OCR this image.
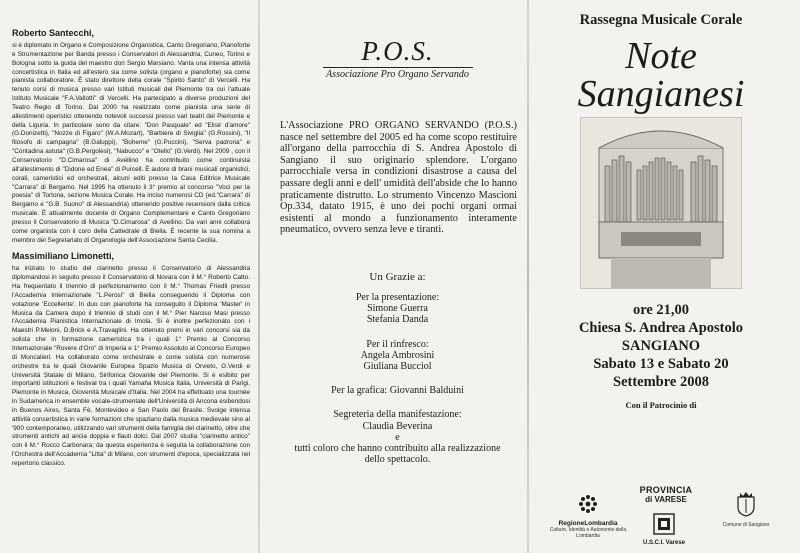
Roberto Santecchi,
si è diplomato in Organo e Composizione Organistica, Canto Gregoriano, Pianoforte e Strumentazione per Banda presso i Conservatori di Alessandria, Cuneo, Torino e Bologna sotto la guida del maestro don Sergio Marsiano. Vanta una intensa attività concertistica in Italia ed all'estero sia come solista (organo e pianoforte) sia come pianista collaboratore. È stato direttore della corale "Spirito Santo" di Vercelli. Ha tenuto corsi di musica presso vari Istituti musicali del Piemonte tra cui l'attuale Istituto Musicale "F.A.Vallotti" di Vercelli. Ha partecipato a diverse produzioni del Teatro Regio di Torino. Dal 2000 ha realizzato come pianista una serie di allestimenti operistici ottenendo notevoli successi presso vari teatri del Piemonte e della Liguria. In particolare sono da citare: "Don Pasquale" ed "Elisir d'amore" (G.Donizetti), "Nozze di Figaro" (W.A.Mozart), "Barbiere di Siviglia" (G.Rossini), "Il filosofo di campagna" (B.Galuppi), "Boheme" (G.Puccini), "Serva padrona" e "Contadina astuta" (G.B.Pergolesi), "Nabucco" e "Otello" (G.Verdi). Nel 2009 , con il Conservatorio "D.Cimarosa" di Avellino ha contribuito come continuista all'allestimento di "Didone ed Enea" di Purcell. È autore di brani musicali organistici, corali, cameristici ed orchestrali, alcuni editi presso la Casa Editrice Musicale "Carrara" di Bergamo. Nel 1995 ha ottenuto il 3° premio al concorso "Voci per la poesia" di Tortona, sezione Musica Corale. Ha inciso numerosi CD (ed."Carrara" di Bergamo e "G.B. Suono" di Alessandria) ottenendo positive recensioni dalla critica musicale. È attualmente docente di Organo Complementare e Canto Gregoriano presso il Conservatorio di Musica "D.Cimarosa" di Avellino. Da vari anni collabora come organista con il coro della Cattedrale di Biella. È recente la sua nomina a membro del Segretariato di Organologia dell'Associazione Santa Cecilia.
Massimiliano Limonetti,
ha iniziato lo studio del clarinetto presso il Conservatorio di Alessandria diplomandosi in seguito presso il Conservatorio di Novara con il M.° Roberto Catto. Ha frequentato il triennio di perfezionamento con il M.° Thomas Friedli presso l'Accademia Internazionale "L.Perosi" di Biella conseguendo il Diploma con votazione 'Eccellente'. In duo con pianoforte ha conseguito il Diploma 'Master' in Musica da Camera dopo il triennio di studi con il M.° Pier Narciso Masi presso l'Accademia Pianistica Internazionale di Imola. Si è inoltre perfezionato con i Maestri P.Meloni, D.Brick e A.Travaglini. Ha ottenuto premi in vari concorsi sia da solista che in formazione cameristica tra i quali 1° Premio al Concorso Internazionale "Rovere d'Oro" di Imperia e 1° Premio Assoluto al Concorso Europeo di Moncalieri. Ha collaborato come orchestrale e come solista con numerose orchestre tra le quali Giovanile Europea Spazio Musica di Orvieto, G.Verdi e Università Statale di Milano, Sinfonica Giovanile del Piemonte. Si è esibito per importanti istituzioni e festival tra i quali Yamaha Musica Italia, Università di Parigi, Piemonte in Musica, Giovenità Musicale d'Italia. Nel 2004 ha effettuato una tournée in Sudamerica in ensemble vocale-strumentale dell'Università di Ancona esibendosi in Buenos Aires, Santa Fè, Montevideo e San Paolo del Brasile. Svolge intensa attività concertistica in varie formazioni che spaziano dalla musica medievale sino al '900 contemporaneo, utilizzando vari strumenti della famiglia del clarinetto, oltre che strumenti antichi ad ancia doppia e flauti dolci. Dal 2007 studia "clarinetto antico" con il M.° Rocco Carbonara; da questa esperienza è seguita la collaborazione con l'Orchestra dell'Accademia "Litta" di Milano, con strumenti d'epoca, specializzata nel repertorio classico.
P.O.S.
Associazione Pro Organo Servando
L'Associazione PRO ORGANO SERVANDO (P.O.S.) nasce nel settembre del 2005 ed ha come scopo restituire all'organo della parrocchia di S. Andrea Apostolo di Sangiano il suo originario splendore. L'organo parrocchiale versa in condizioni disastrose a causa del passare degli anni e dell' umidità dell'abside che lo hanno praticamente distrutto. Lo strumento Vincenzo Mascioni Op.334, datato 1915, è uno dei pochi organi ormai esistenti al mondo a funzionamento interamente pneumatico, ovvero senza leve e tiranti.
Un Grazie a:
Per la presentazione:
Simone Guerra
Stefania Danda
Per il rinfresco:
Angela Ambrosini
Giuliana Bucciol
Per la grafica: Giovanni Balduini
Segreteria della manifestazione:
Claudia Beverina
e
tutti coloro che hanno contribuito alla realizzazione dello spettacolo.
Rassegna Musicale Corale
Note
Sangianesi
ore 21,00
Chiesa S. Andrea Apostolo
SANGIANO
Sabato 13 e Sabato 20
Settembre 2008
Con il Patrocinio di
RegioneLombardia
Culture, Identità e Autonomie della Lombardia
PROVINCIA
di VARESE
U.S.C.I. Varese
Comune di Sangiano
